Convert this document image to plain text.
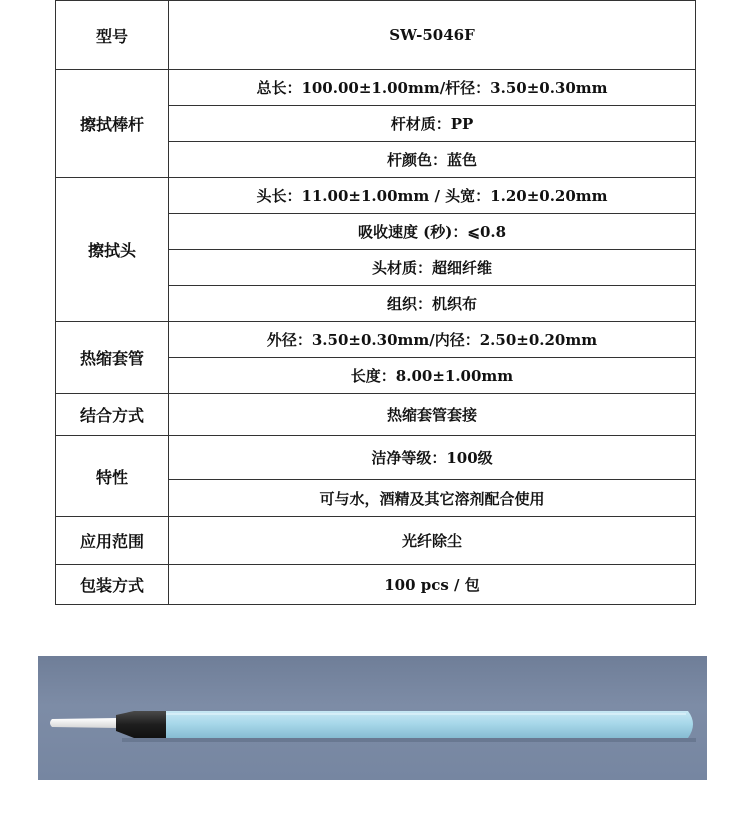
型号	SW-5046F
擦拭棒杆	总长：100.00±1.00mm/杆径：3.50±0.30mm
	杆材质：PP
	杆颜色：蓝色
擦拭头	头长：11.00±1.00mm / 头宽：1.20±0.20mm
	吸收速度 (秒)：⩽0.8
	头材质：超细纤维
	组织：机织布
热缩套管	外径：3.50±0.30mm/内径：2.50±0.20mm
	长度：8.00±1.00mm
结合方式	热缩套管套接
特性	洁净等级：100级
	可与水，酒精及其它溶剂配合使用
应用范围	光纤除尘
包装方式	100 pcs / 包
